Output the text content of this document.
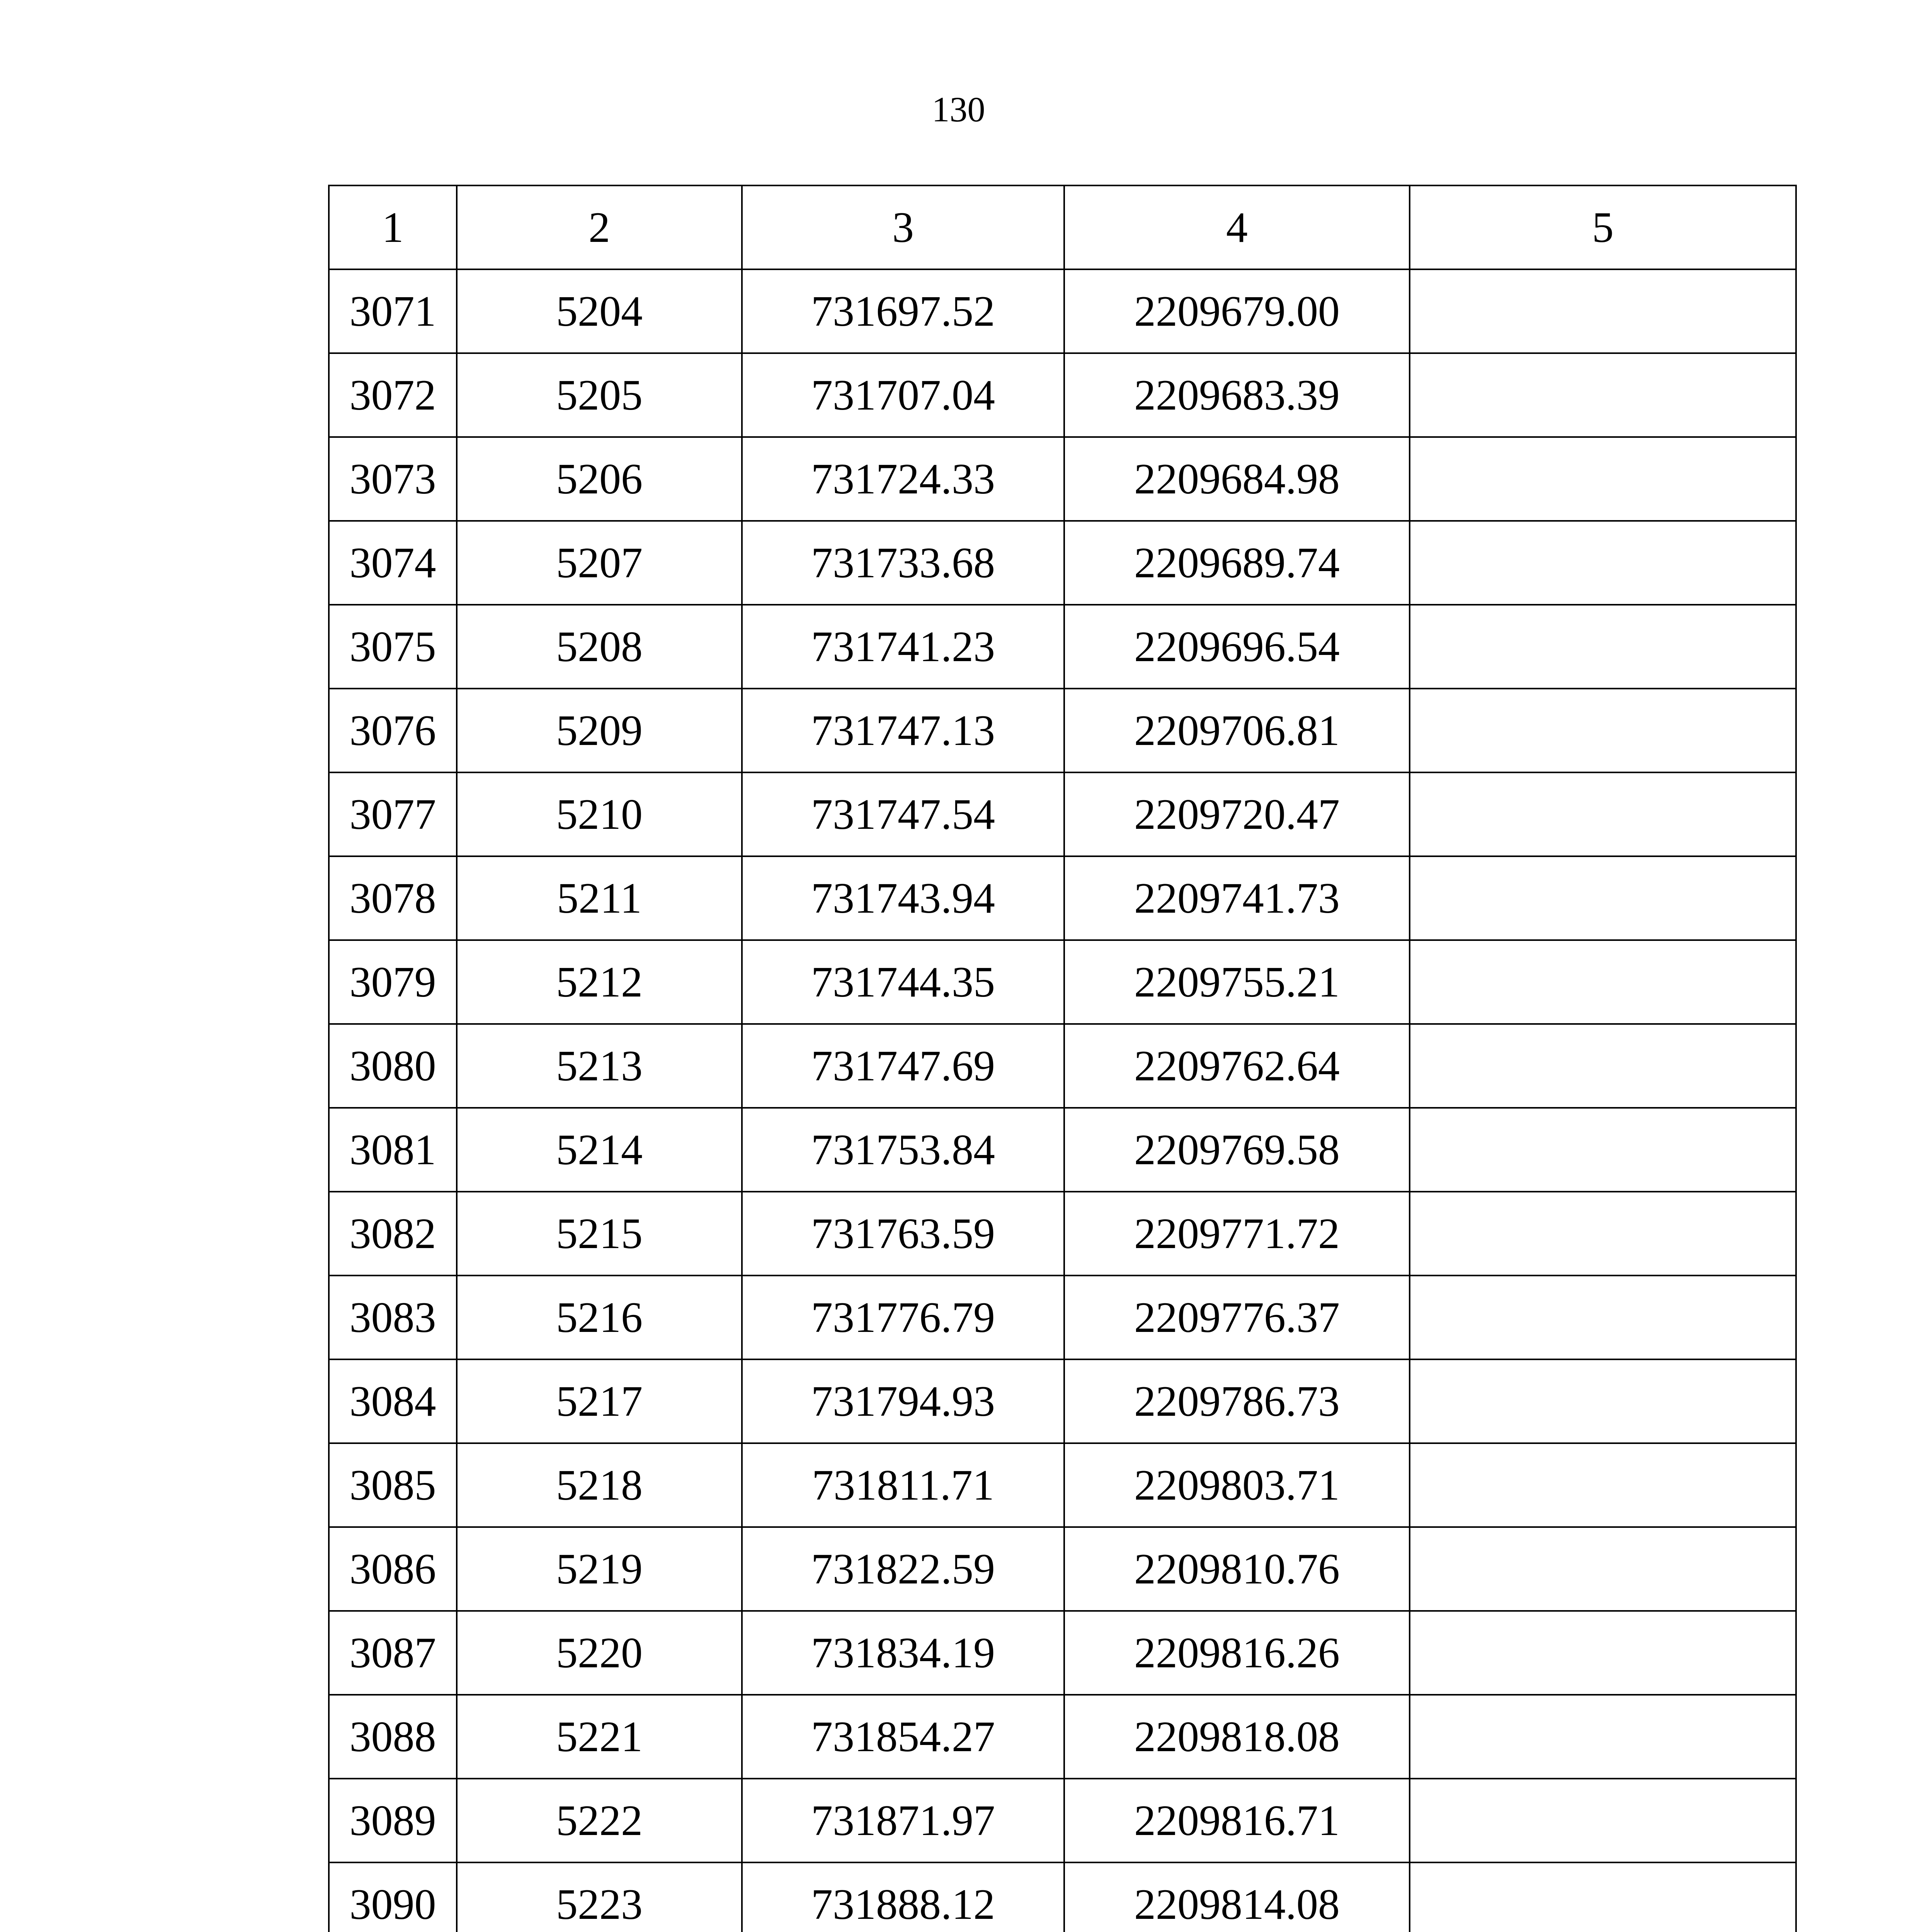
130
1	2	3	4	5
3071	5204	731697.52	2209679.00	
3072	5205	731707.04	2209683.39	
3073	5206	731724.33	2209684.98	
3074	5207	731733.68	2209689.74	
3075	5208	731741.23	2209696.54	
3076	5209	731747.13	2209706.81	
3077	5210	731747.54	2209720.47	
3078	5211	731743.94	2209741.73	
3079	5212	731744.35	2209755.21	
3080	5213	731747.69	2209762.64	
3081	5214	731753.84	2209769.58	
3082	5215	731763.59	2209771.72	
3083	5216	731776.79	2209776.37	
3084	5217	731794.93	2209786.73	
3085	5218	731811.71	2209803.71	
3086	5219	731822.59	2209810.76	
3087	5220	731834.19	2209816.26	
3088	5221	731854.27	2209818.08	
3089	5222	731871.97	2209816.71	
3090	5223	731888.12	2209814.08	
